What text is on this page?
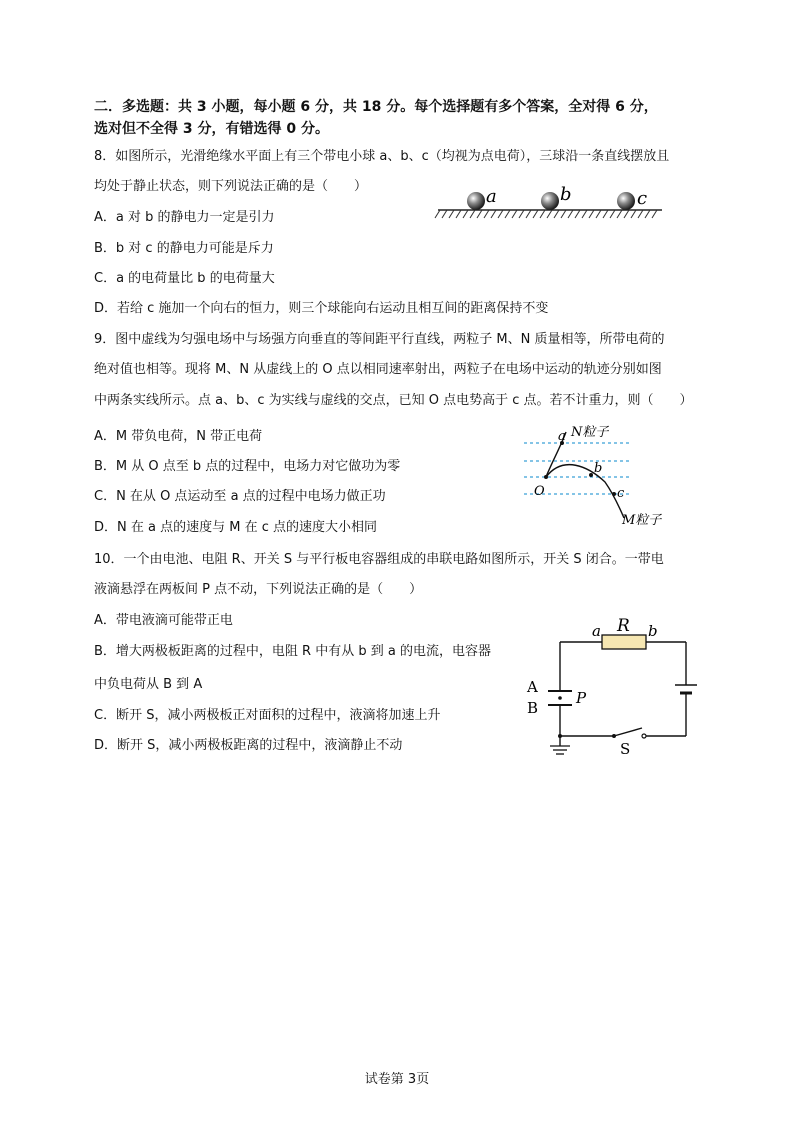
二．多选题：共 3 小题，每小题 6 分，共 18 分。每个选择题有多个答案，全对得 6 分，
选对但不全得 3 分，有错选得 0 分。
8．如图所示，光滑绝缘水平面上有三个带电小球 a、b、c（均视为点电荷），三球沿一条直线摆放且
均处于静止状态，则下列说法正确的是（　　）
A．a 对 b 的静电力一定是引力
B．b 对 c 的静电力可能是斥力
C．a 的电荷量比 b 的电荷量大
D．若给 c 施加一个向右的恒力，则三个球能向右运动且相互间的距离保持不变
a	b	c
9．图中虚线为匀强电场中与场强方向垂直的等间距平行直线，两粒子 M、N 质量相等，所带电荷的
绝对值也相等。现将 M、N 从虚线上的 O 点以相同速率射出，两粒子在电场中运动的轨迹分别如图
中两条实线所示。点 a、b、c 为实线与虚线的交点，已知 O 点电势高于 c 点。若不计重力，则（　　）
A．M 带负电荷，N 带正电荷
B．M 从 O 点至 b 点的过程中，电场力对它做功为零
C．N 在从 O 点运动至 a 点的过程中电场力做正功
D．N 在 a 点的速度与 M 在 c 点的速度大小相同
a N粒子
b
c
O
M粒子
10．一个由电池、电阻 R、开关 S 与平行板电容器组成的串联电路如图所示，开关 S 闭合。一带电
液滴悬浮在两板间 P 点不动，下列说法正确的是（　　）
A．带电液滴可能带正电
B．增大两极板距离的过程中，电阻 R 中有从 b 到 a 的电流，电容器
中负电荷从 B 到 A
C．断开 S，减小两极板正对面积的过程中，液滴将加速上升
D．断开 S，减小两极板距离的过程中，液滴静止不动
R
a	b
A
B
P
S
试卷第 3页
